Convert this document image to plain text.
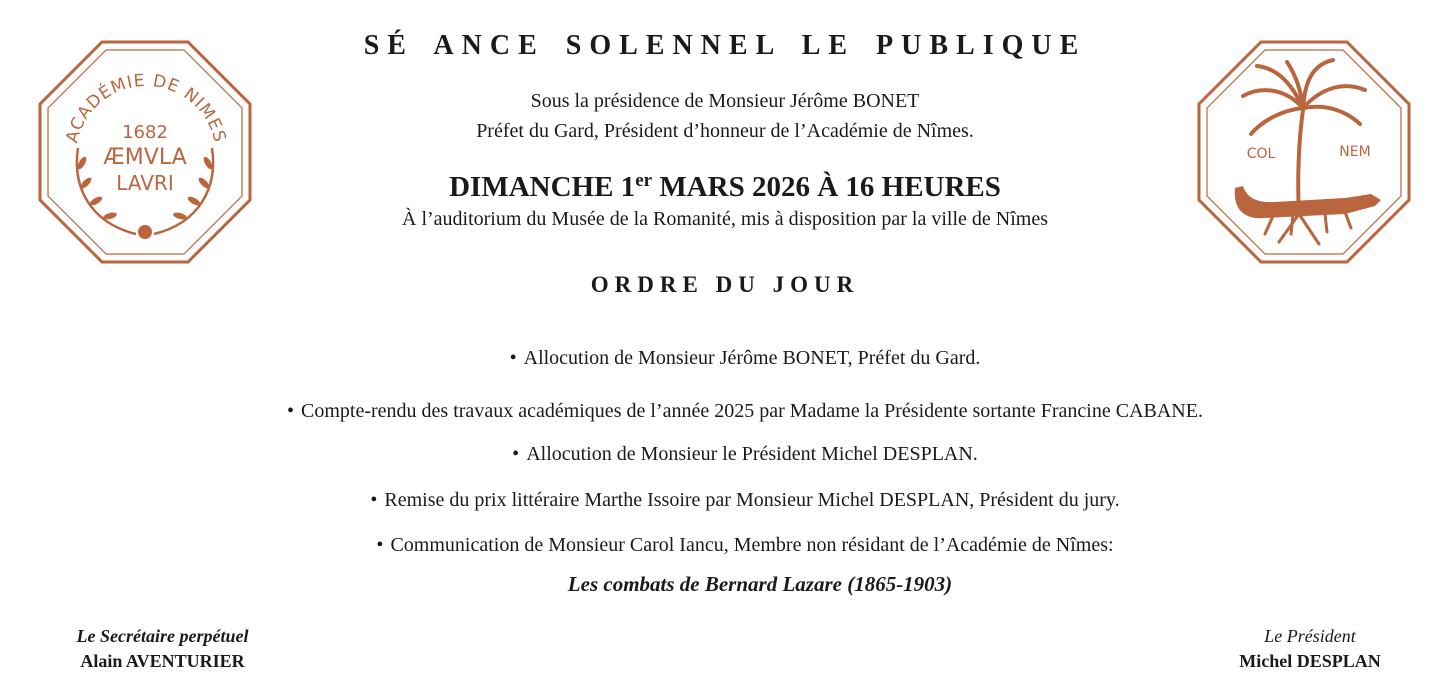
ACADÉMIE DE NIMES
1682
ÆMVLA
LAVRI
COL	NEM
SÉ ANCE SOLENNEL LE PUBLIQUE
Sous la présidence de Monsieur Jérôme BONET
Préfet du Gard, Président d’honneur de l’Académie de Nîmes.
DIMANCHE 1er MARS 2026 À 16 HEURES
À l’auditorium du Musée de la Romanité, mis à disposition par la ville de Nîmes
ORDRE DU JOUR
• Allocution de Monsieur Jérôme BONET, Préfet du Gard.
• Compte-rendu des travaux académiques de l’année 2025 par Madame la Présidente sortante Francine CABANE.
• Allocution de Monsieur le Président Michel DESPLAN.
• Remise du prix littéraire Marthe Issoire par Monsieur Michel DESPLAN, Président du jury.
• Communication de Monsieur Carol Iancu, Membre non résidant de l’Académie de Nîmes:
Les combats de Bernard Lazare (1865-1903)
Le Secrétaire perpétuel
Alain AVENTURIER
Le Président
Michel DESPLAN
